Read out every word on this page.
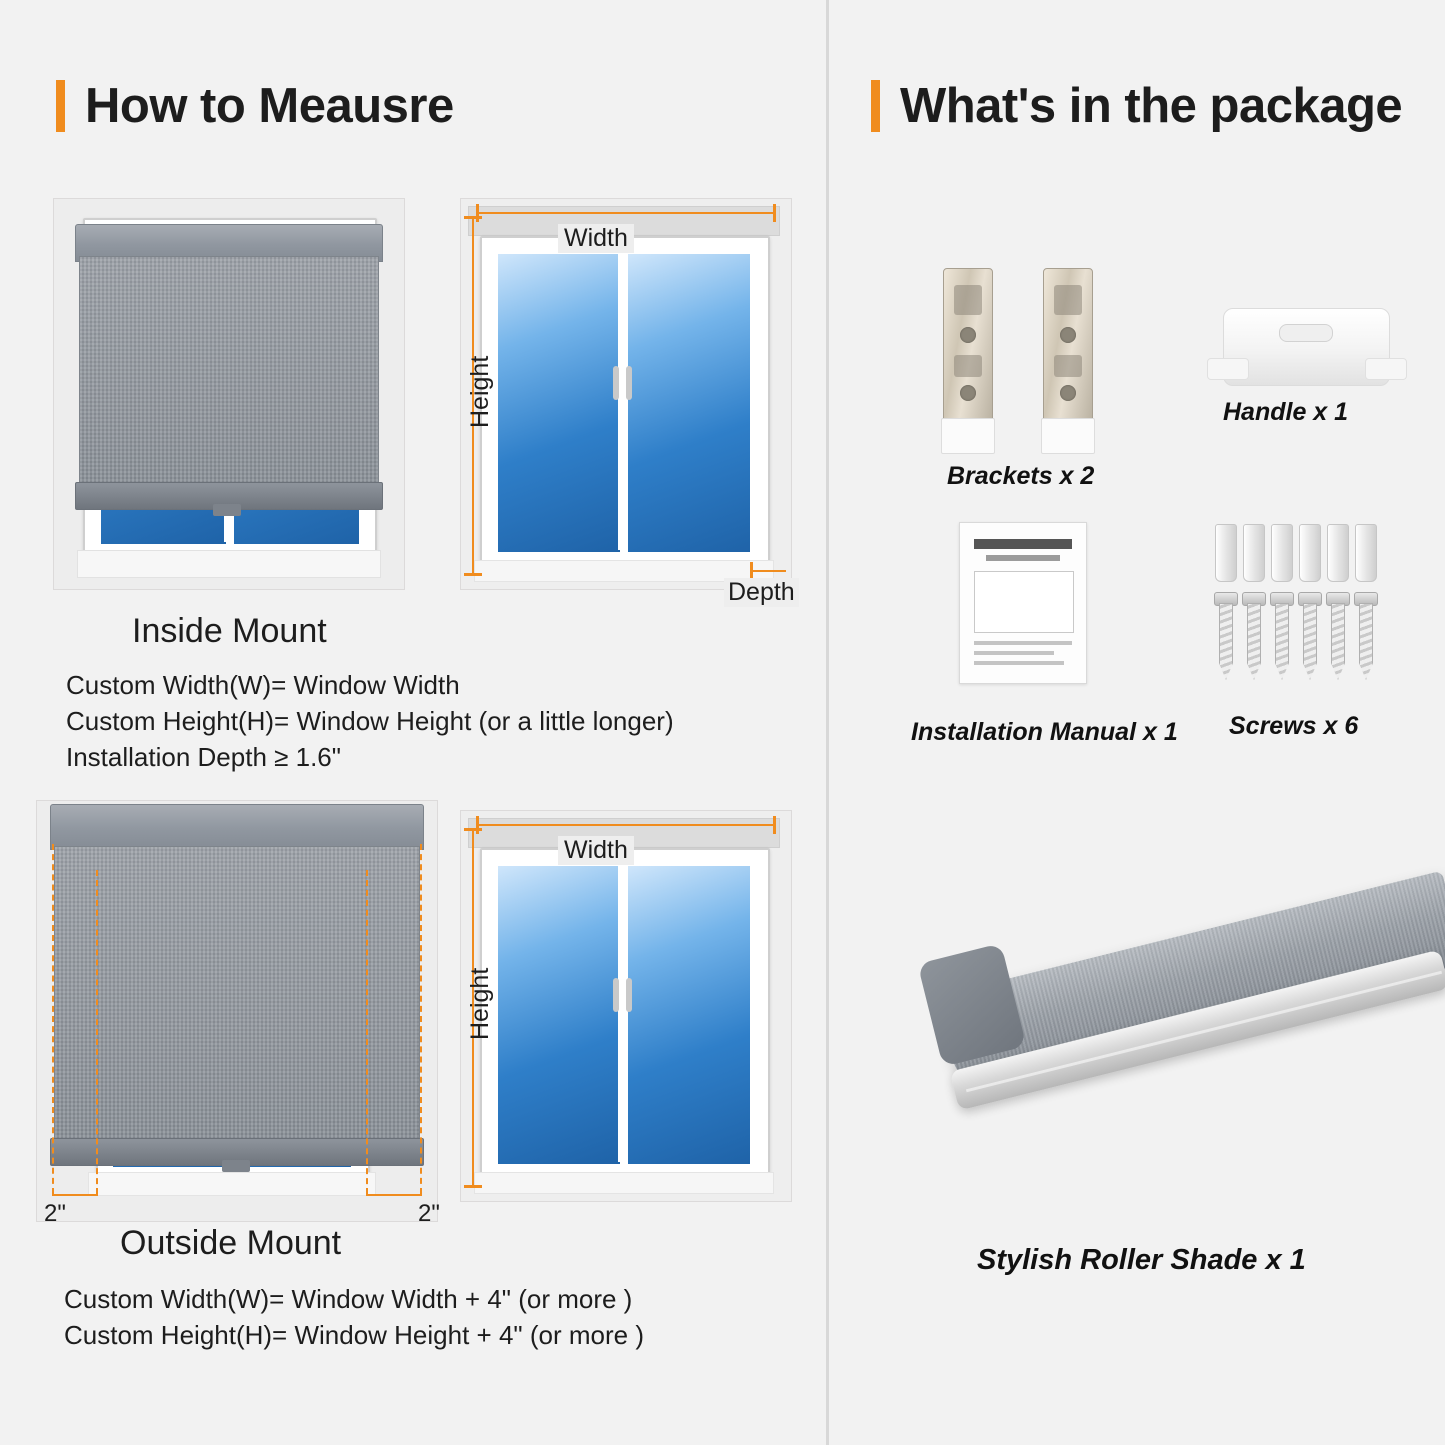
How to Meausre
Width
Height
Depth
Inside Mount
Custom Width(W)= Window Width
Custom Height(H)= Window Height (or a little longer)
Installation Depth ≥ 1.6"
2"	2"
Width
Height
Outside Mount
Custom Width(W)= Window Width + 4" (or more )
Custom Height(H)= Window Height + 4" (or more )
What's in the package
Brackets x 2
Handle x 1
Installation Manual x 1 Screws x 6
Stylish Roller Shade x 1
